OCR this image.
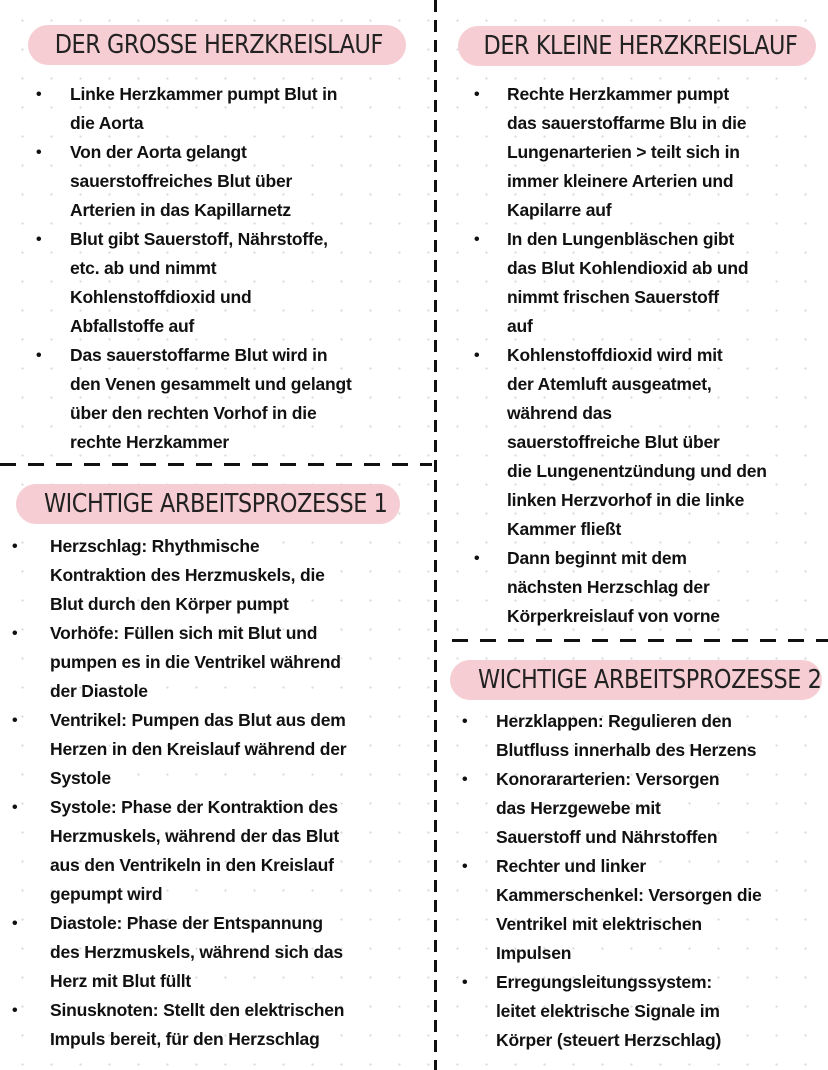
DER GROSSE HERZKREISLAUF
• Linke Herzkammer pumpt Blut in
die Aorta
• Von der Aorta gelangt
sauerstoffreiches Blut über
Arterien in das Kapillarnetz
• Blut gibt Sauerstoff, Nährstoffe,
etc. ab und nimmt
Kohlenstoffdioxid und
Abfallstoffe auf
• Das sauerstoffarme Blut wird in
den Venen gesammelt und gelangt
über den rechten Vorhof in die
rechte Herzkammer
WICHTIGE ARBEITSPROZESSE 1
• Herzschlag: Rhythmische
Kontraktion des Herzmuskels, die
Blut durch den Körper pumpt
• Vorhöfe: Füllen sich mit Blut und
pumpen es in die Ventrikel während
der Diastole
• Ventrikel: Pumpen das Blut aus dem
Herzen in den Kreislauf während der
Systole
• Systole: Phase der Kontraktion des
Herzmuskels, während der das Blut
aus den Ventrikeln in den Kreislauf
gepumpt wird
• Diastole: Phase der Entspannung
des Herzmuskels, während sich das
Herz mit Blut füllt
• Sinusknoten: Stellt den elektrischen
Impuls bereit, für den Herzschlag
DER KLEINE HERZKREISLAUF
• Rechte Herzkammer pumpt
das sauerstoffarme Blu in die
Lungenarterien > teilt sich in
immer kleinere Arterien und
Kapilarre auf
• In den Lungenbläschen gibt
das Blut Kohlendioxid ab und
nimmt frischen Sauerstoff
auf
• Kohlenstoffdioxid wird mit
der Atemluft ausgeatmet,
während das
sauerstoffreiche Blut über
die Lungenentzündung und den
linken Herzvorhof in die linke
Kammer fließt
• Dann beginnt mit dem
nächsten Herzschlag der
Körperkreislauf von vorne
WICHTIGE ARBEITSPROZESSE 2
• Herzklappen: Regulieren den
Blutfluss innerhalb des Herzens
• Konorararterien: Versorgen
das Herzgewebe mit
Sauerstoff und Nährstoffen
• Rechter und linker
Kammerschenkel: Versorgen die
Ventrikel mit elektrischen
Impulsen
• Erregungsleitungssystem:
leitet elektrische Signale im
Körper (steuert Herzschlag)
